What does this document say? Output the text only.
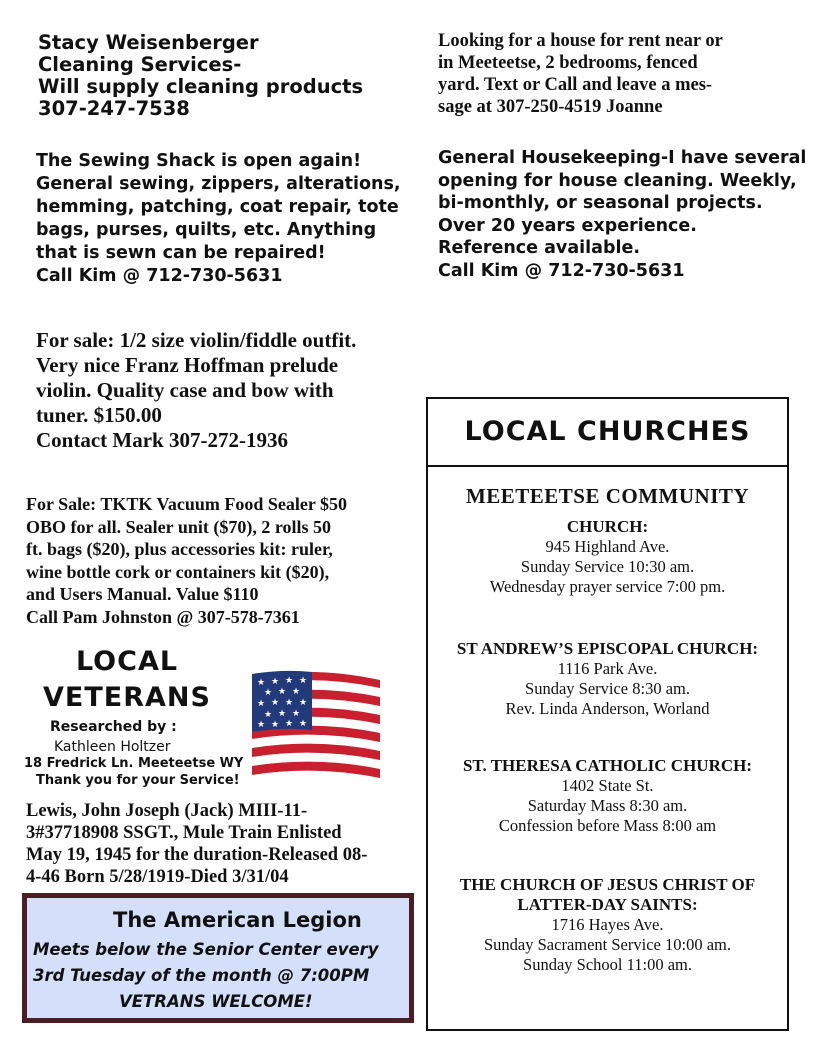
Stacy Weisenberger
Cleaning Services-
Will supply cleaning products
307-247-7538
The Sewing Shack is open again!
General sewing, zippers, alterations,
hemming, patching, coat repair, tote
bags, purses, quilts, etc. Anything
that is sewn can be repaired!
Call Kim @ 712-730-5631
For sale: 1/2 size violin/fiddle outfit.
Very nice Franz Hoffman prelude
violin. Quality case and bow with
tuner. $150.00
Contact Mark 307-272-1936
For Sale: TKTK Vacuum Food Sealer $50
OBO for all. Sealer unit ($70), 2 rolls 50
ft. bags ($20), plus accessories kit: ruler,
wine bottle cork or containers kit ($20),
and Users Manual. Value $110
Call Pam Johnston @ 307-578-7361
Looking for a house for rent near or
in Meeteetse, 2 bedrooms, fenced
yard. Text or Call and leave a mes-
sage at 307-250-4519 Joanne
General Housekeeping-I have several
opening for house cleaning. Weekly,
bi-monthly, or seasonal projects.
Over 20 years experience.
Reference available.
Call Kim @ 712-730-5631
LOCAL
VETERANS
Researched by :
Kathleen Holtzer
18 Fredrick Ln. Meeteetse WY
Thank you for your Service!
★ ★ ★ ★
★ ★ ★
★ ★ ★ ★
★ ★ ★
★ ★ ★ ★
Lewis, John Joseph (Jack) MIII-11-
3#37718908 SSGT., Mule Train Enlisted
May 19, 1945 for the duration-Released 08-
4-46 Born 5/28/1919-Died 3/31/04
The American Legion
Meets below the Senior Center every
3rd Tuesday of the month @ 7:00PM
VETRANS WELCOME!
LOCAL CHURCHES
MEETEETSE COMMUNITY
CHURCH:
945 Highland Ave.
Sunday Service 10:30 am.
Wednesday prayer service 7:00 pm.
ST ANDREW’S EPISCOPAL CHURCH:
1116 Park Ave.
Sunday Service 8:30 am.
Rev. Linda Anderson, Worland
ST. THERESA CATHOLIC CHURCH:
1402 State St.
Saturday Mass 8:30 am.
Confession before Mass 8:00 am
THE CHURCH OF JESUS CHRIST OF
LATTER-DAY SAINTS:
1716 Hayes Ave.
Sunday Sacrament Service 10:00 am.
Sunday School 11:00 am.
